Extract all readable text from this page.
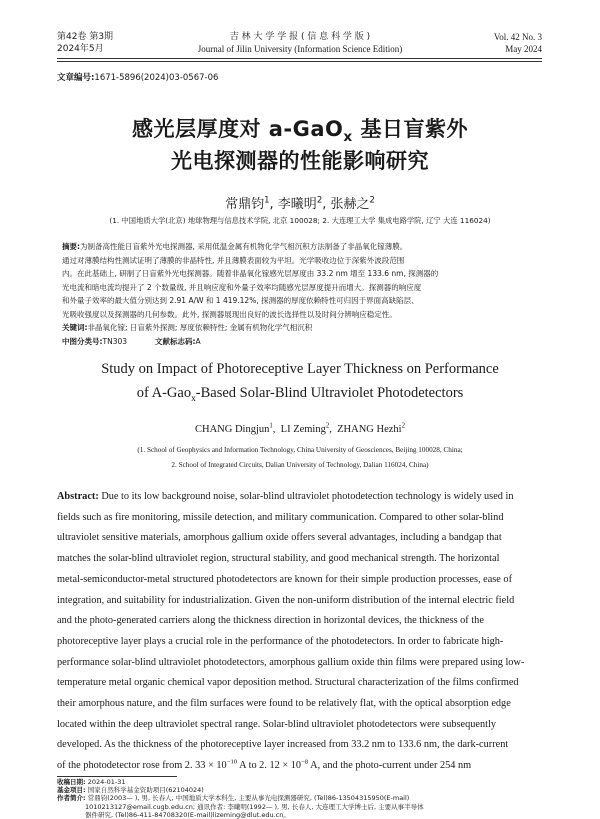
第42卷 第3期
2024年5月
吉 林 大 学 学 报 ( 信 息 科 学 版 )
Journal of Jilin University (Information Science Edition)
Vol. 42 No. 3
May 2024
文章编号:1671-5896(2024)03-0567-06
感光层厚度对 a-GaO$_x$ 基日盲紫外
光电探测器的性能影响研究
常鼎钧$^1$, 李曦明$^2$, 张赫之$^2$
(1. 中国地质大学(北京) 地球物理与信息技术学院, 北京 100028; 2. 大连理工大学 集成电路学院, 辽宁 大连 116024)
摘要:为制备高性能日盲紫外光电探测器, 采用低温金属有机物化学气相沉积方法制备了非晶氧化镓薄膜。
通过对薄膜结构性测试证明了薄膜的非晶特性, 并且薄膜表面较为平坦。光学吸收边位于深紫外波段范围
内。在此基础上, 研制了日盲紫外光电探测器。随着非晶氧化镓感光层厚度由 33.2 nm 增至 133.6 nm, 探测器的
光电流和暗电流均提升了 2 个数量级, 并且响应度和外量子效率均随感光层厚度提升而增大。探测器的响应度
和外量子效率的最大值分别达到 2.91 A/W 和 1 419.12%, 探测器的厚度依赖特性可归因于界面高缺陷层、
光吸收强度以及探测器的几何参数。此外, 探测器展现出良好的波长选择性以及时间分辨响应稳定性。
关键词:非晶氧化镓; 日盲紫外探测; 厚度依赖特性; 金属有机物化学气相沉积
中图分类号:TN303	文献标志码:A
Study on Impact of Photoreceptive Layer Thickness on Performance
of A-Gao$_x$-Based Solar-Blind Ultraviolet Photodetectors
CHANG Dingjun$^1$,  LI Zeming$^2$,  ZHANG Hezhi$^2$
(1. School of Geophysics and Information Technology, China University of Geosciences, Beijing 100028, China;
2. School of Integrated Circuits, Dalian University of Technology, Dalian 116024, China)
Abstract: Due to its low background noise, solar-blind ultraviolet photodetection technology is widely used in
fields such as fire monitoring, missile detection, and military communication. Compared to other solar-blind
ultraviolet sensitive materials, amorphous gallium oxide offers several advantages, including a bandgap that
matches the solar-blind ultraviolet region, structural stability, and good mechanical strength. The horizontal
metal-semiconductor-metal structured photodetectors are known for their simple production processes, ease of
integration, and suitability for industrialization. Given the non-uniform distribution of the internal electric field
and the photo-generated carriers along the thickness direction in horizontal devices, the thickness of the
photoreceptive layer plays a crucial role in the performance of the photodetectors. In order to fabricate high-
performance solar-blind ultraviolet photodetectors, amorphous gallium oxide thin films were prepared using low-
temperature metal organic chemical vapor deposition method. Structural characterization of the films confirmed
their amorphous nature, and the film surfaces were found to be relatively flat, with the optical absorption edge
located within the deep ultraviolet spectral range. Solar-blind ultraviolet photodetectors were subsequently
developed. As the thickness of the photoreceptive layer increased from 33.2 nm to 133.6 nm, the dark-current
of the photodetector rose from 2. $33 \times 10^{-10}$ A to 2. $12 \times 10^{-8}$ A, and the photo-current under 254 nm
收稿日期: 2024-01-31
基金项目: 国家自然科学基金资助项目(62104024)
作者简介: 常鼎钧(2003— ), 男, 长春人, 中国地质大学本科生, 主要从事光电探测器研究, (Tel)86-13504315950(E-mail)
1010213127@email.cugb.edu.cn; 通讯作者: 李曦明(1992— ), 男, 长春人, 大连理工大学博士后, 主要从事半导体
器件研究, (Tel)86-411-84708320(E-mail)lizeming@dlut.edu.cn。
